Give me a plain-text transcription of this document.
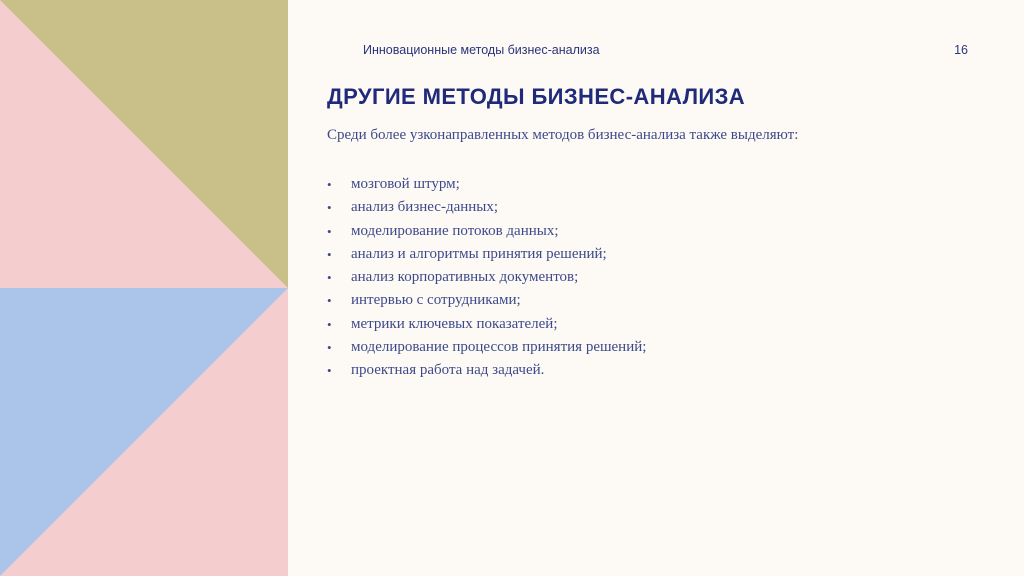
Инновационные методы бизнес-анализа	16
ДРУГИЕ МЕТОДЫ БИЗНЕС-АНАЛИЗА

Среди более узконаправленных методов бизнес-анализа также выделяют:

• мозговой штурм;
• анализ бизнес-данных;
• моделирование потоков данных;
• анализ и алгоритмы принятия решений;
• анализ корпоративных документов;
• интервью с сотрудниками;
• метрики ключевых показателей;
• моделирование процессов принятия решений;
• проектная работа над задачей.
